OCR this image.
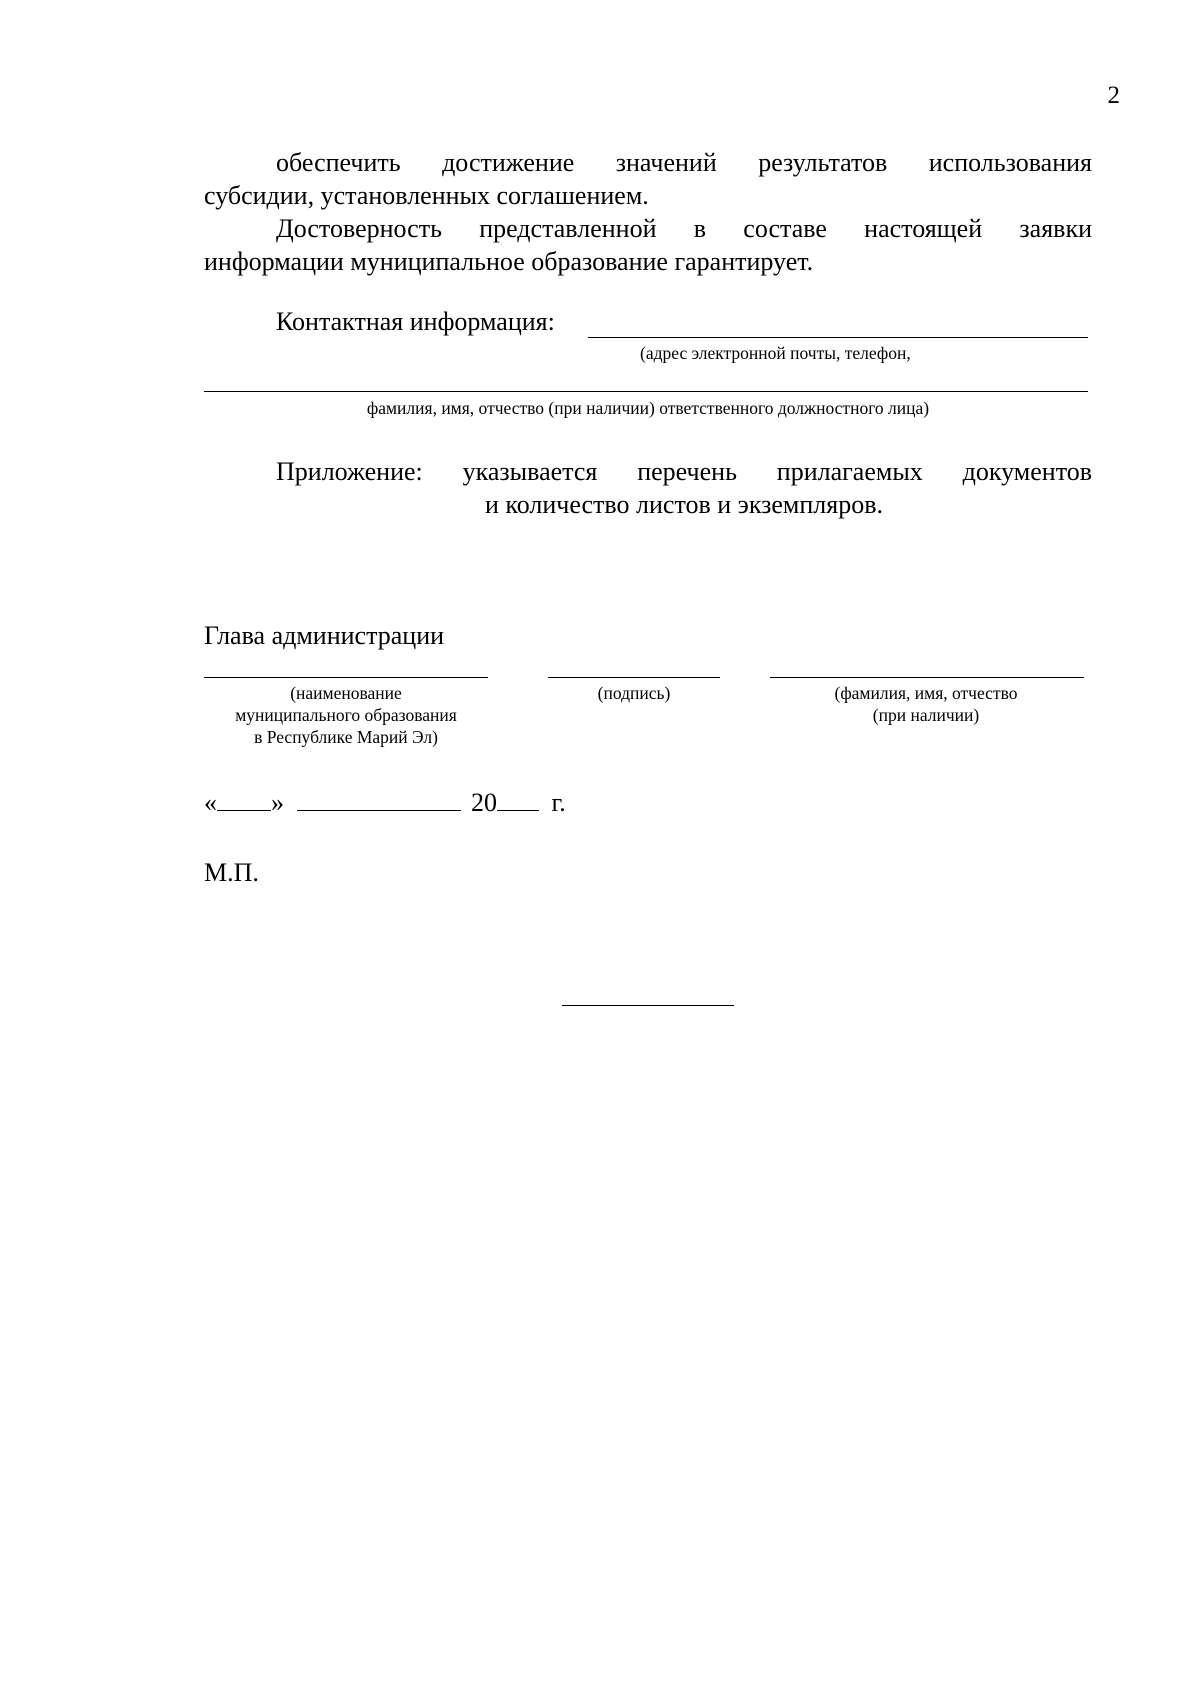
2
обеспечить достижение значений результатов использования
субсидии, установленных соглашением.
Достоверность представленной в составе настоящей заявки
информации муниципальное образование гарантирует.
Контактная информация:
(адрес электронной почты, телефон,
фамилия, имя, отчество (при наличии) ответственного должностного лица)
Приложение: указывается перечень прилагаемых документов
и количество листов и экземпляров.
Глава администрации
(наименование
муниципального образования
в Республике Марий Эл)
(подпись)	(фамилия, имя, отчество
(при наличии)
« »	20 г.
М.П.
